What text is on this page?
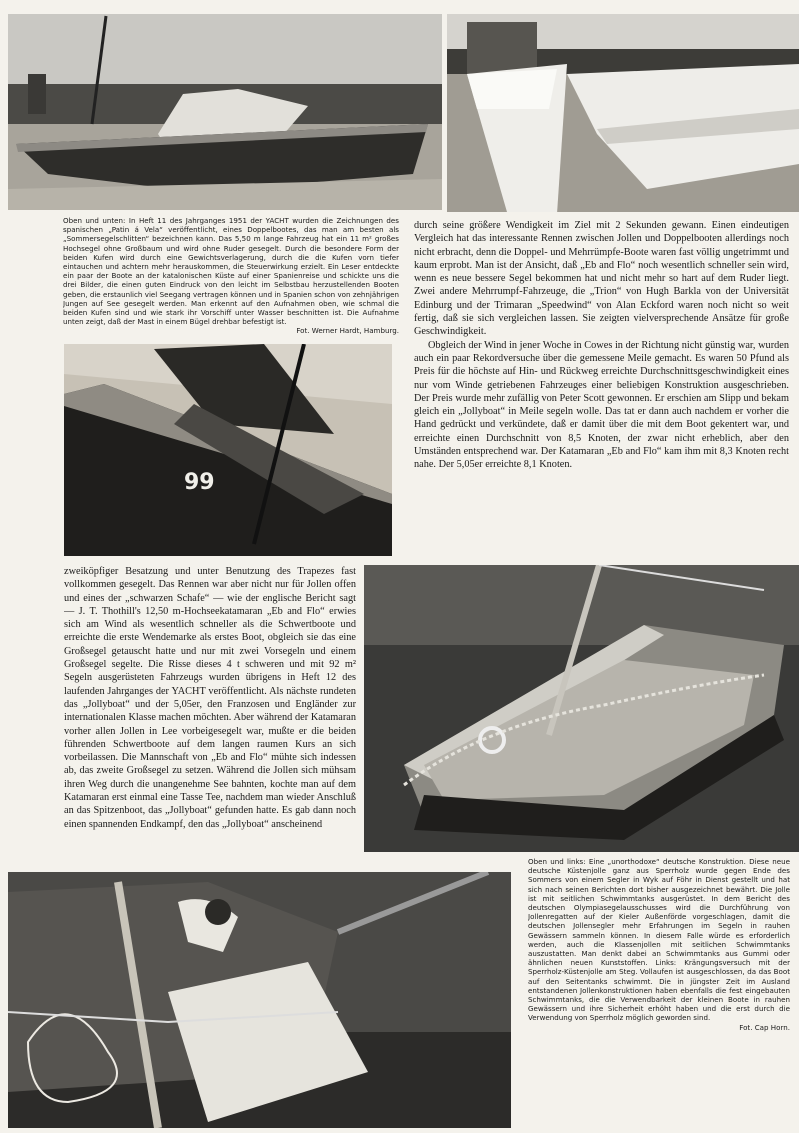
Oben und unten: In Heft 11 des Jahrganges 1951 der YACHT wurden die Zeichnungen des spanischen „Patin á Vela“ veröffentlicht, eines Doppelbootes, das man am besten als „Sommersegelschlitten“ bezeichnen kann. Das 5,50 m lange Fahrzeug hat ein 11 m² großes Hochsegel ohne Großbaum und wird ohne Ruder gesegelt. Durch die besondere Form der beiden Kufen wird durch eine Gewichtsverlagerung, durch die die Kufen vorn tiefer eintauchen und achtern mehr herauskommen, die Steuerwirkung erzielt. Ein Leser entdeckte ein paar der Boote an der katalonischen Küste auf einer Spanienreise und schickte uns die drei Bilder, die einen guten Eindruck von den leicht im Selbstbau herzustellenden Booten geben, die erstaunlich viel Seegang vertragen können und in Spanien schon von zehnjährigen Jungen auf See gesegelt werden. Man erkennt auf den Aufnahmen oben, wie schmal die beiden Kufen sind und wie stark ihr Vorschiff unter Wasser beschnitten ist. Die Aufnahme unten zeigt, daß der Mast in einem Bügel drehbar befestigt ist.
Fot. Werner Hardt, Hamburg.

durch seine größere Wendigkeit im Ziel mit 2 Sekunden gewann. Einen eindeutigen Vergleich hat das interessante Rennen zwischen Jollen und Doppelbooten allerdings noch nicht erbracht, denn die Doppel- und Mehrrümpfe-Boote waren fast völlig ungetrimmt und kaum erprobt. Man ist der Ansicht, daß „Eb and Flo“ noch wesentlich schneller sein wird, wenn es neue bessere Segel bekommen hat und nicht mehr so hart auf dem Ruder liegt. Zwei andere Mehrrumpf-Fahrzeuge, die „Trion“ von Hugh Barkla von der Universität Edinburg und der Trimaran „Speedwind“ von Alan Eckford waren noch nicht so weit fertig, daß sie sich vergleichen lassen. Sie zeigten vielversprechende Ansätze für große Geschwindigkeit.

Obgleich der Wind in jener Woche in Cowes in der Richtung nicht günstig war, wurden auch ein paar Rekordversuche über die gemessene Meile gemacht. Es waren 50 Pfund als Preis für die höchste auf Hin- und Rückweg erreichte Durchschnittsgeschwindigkeit eines nur vom Winde getriebenen Fahrzeuges einer beliebigen Konstruktion ausgeschrieben. Der Preis wurde mehr zufällig von Peter Scott gewonnen. Er erschien am Slipp und bekam gleich ein „Jollyboat“ in Meile segeln wolle. Das tat er dann auch nachdem er vorher die Hand gedrückt und verkündete, daß er damit über die mit dem Boot gekentert war, und erreichte einen Durchschnitt von 8,5 Knoten, der zwar nicht erheblich, aber den Umständen entsprechend war. Der Katamaran „Eb and Flo“ kam ihm mit 8,3 Knoten recht nahe. Der 5,05er erreichte 8,1 Knoten.

99

zweiköpfiger Besatzung und unter Benutzung des Trapezes fast vollkommen gesegelt. Das Rennen war aber nicht nur für Jollen offen und eines der „schwarzen Schafe“ — wie der englische Bericht sagt — J. T. Thothill's 12,50 m-Hochseekatamaran „Eb and Flo“ erwies sich am Wind als wesentlich schneller als die Schwertboote und erreichte die erste Wendemarke als erstes Boot, obgleich sie das eine Großsegel getauscht hatte und nur mit zwei Vorsegeln und einem Großsegel segelte. Die Risse dieses 4 t schweren und mit 92 m² Segeln ausgerüsteten Fahrzeugs wurden übrigens in Heft 12 des laufenden Jahrganges der YACHT veröffentlicht. Als nächste rundeten das „Jollyboat“ und der 5,05er, den Franzosen und Engländer zur internationalen Klasse machen möchten. Aber während der Katamaran vorher allen Jollen in Lee vorbeigesegelt war, mußte er die beiden führenden Schwertboote auf dem langen raumen Kurs an sich vorbeilassen. Die Mannschaft von „Eb and Flo“ mühte sich indessen ab, das zweite Großsegel zu setzen. Während die Jollen sich mühsam ihren Weg durch die unangenehme See bahnten, kochte man auf dem Katamaran erst einmal eine Tasse Tee, nachdem man wieder Anschluß an das Spitzenboot, das „Jollyboat“ gefunden hatte. Es gab dann noch einen spannenden Endkampf, den das „Jollyboat“ anscheinend

Oben und links: Eine „unorthodoxe“ deutsche Konstruktion. Diese neue deutsche Küstenjolle ganz aus Sperrholz wurde gegen Ende des Sommers von einem Segler in Wyk auf Föhr in Dienst gestellt und hat sich nach seinen Berichten dort bisher ausgezeichnet bewährt. Die Jolle ist mit seitlichen Schwimmtanks ausgerüstet. In dem Bericht des deutschen Olympiasegelausschusses wird die Durchführung von Jollenregatten auf der Kieler Außenförde vorgeschlagen, damit die deutschen Jollensegler mehr Erfahrungen im Segeln in rauhen Gewässern sammeln können. In diesem Falle würde es erforderlich werden, auch die Klassenjollen mit seitlichen Schwimmtanks auszustatten. Man denkt dabei an Schwimmtanks aus Gummi oder ähnlichen neuen Kunststoffen. Links: Krängungsversuch mit der Sperrholz-Küstenjolle am Steg. Vollaufen ist ausgeschlossen, da das Boot auf den Seitentanks schwimmt. Die in jüngster Zeit im Ausland entstandenen Jollenkonstruktionen haben ebenfalls die fest eingebauten Schwimmtanks, die die Verwendbarkeit der kleinen Boote in rauhen Gewässern und ihre Sicherheit erhöht haben und die erst durch die Verwendung von Sperrholz möglich geworden sind.
Fot. Cap Horn.
